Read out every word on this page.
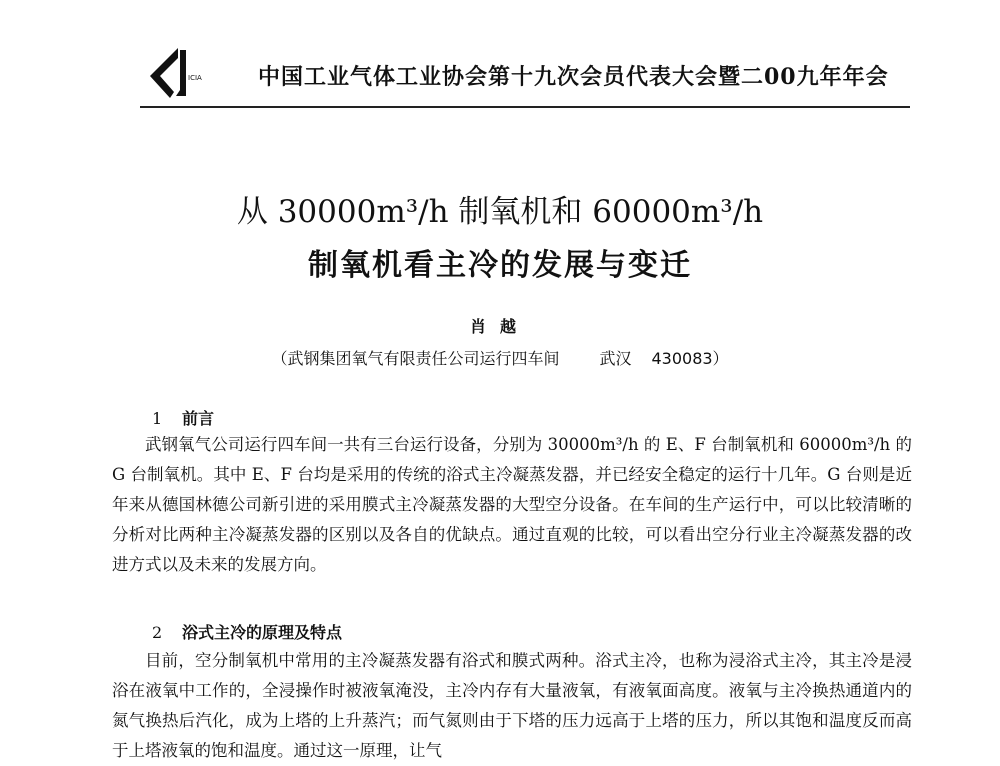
ICIA	中国工业气体工业协会第十九次会员代表大会暨二00九年年会
从 30000m³/h 制氧机和 60000m³/h
制氧机看主冷的发展与变迁
肖越
（武钢集团氧气有限责任公司运行四车间	武汉 430083）
1 前言

武钢氧气公司运行四车间一共有三台运行设备，分别为 30000m³/h 的 E、F 台制氧机和 60000m³/h 的 G 台制氧机。其中 E、F 台均是采用的传统的浴式主冷凝蒸发器，并已经安全稳定的运行十几年。G 台则是近年来从德国林德公司新引进的采用膜式主冷凝蒸发器的大型空分设备。在车间的生产运行中，可以比较清晰的分析对比两种主冷凝蒸发器的区别以及各自的优缺点。通过直观的比较，可以看出空分行业主冷凝蒸发器的改进方式以及未来的发展方向。

2 浴式主冷的原理及特点

目前，空分制氧机中常用的主冷凝蒸发器有浴式和膜式两种。浴式主冷，也称为浸浴式主冷，其主冷是浸浴在液氧中工作的，全浸操作时被液氧淹没，主冷内存有大量液氧，有液氧面高度。液氧与主冷换热通道内的氮气换热后汽化，成为上塔的上升蒸汽；而气氮则由于下塔的压力远高于上塔的压力，所以其饱和温度反而高于上塔液氧的饱和温度。通过这一原理，让气
